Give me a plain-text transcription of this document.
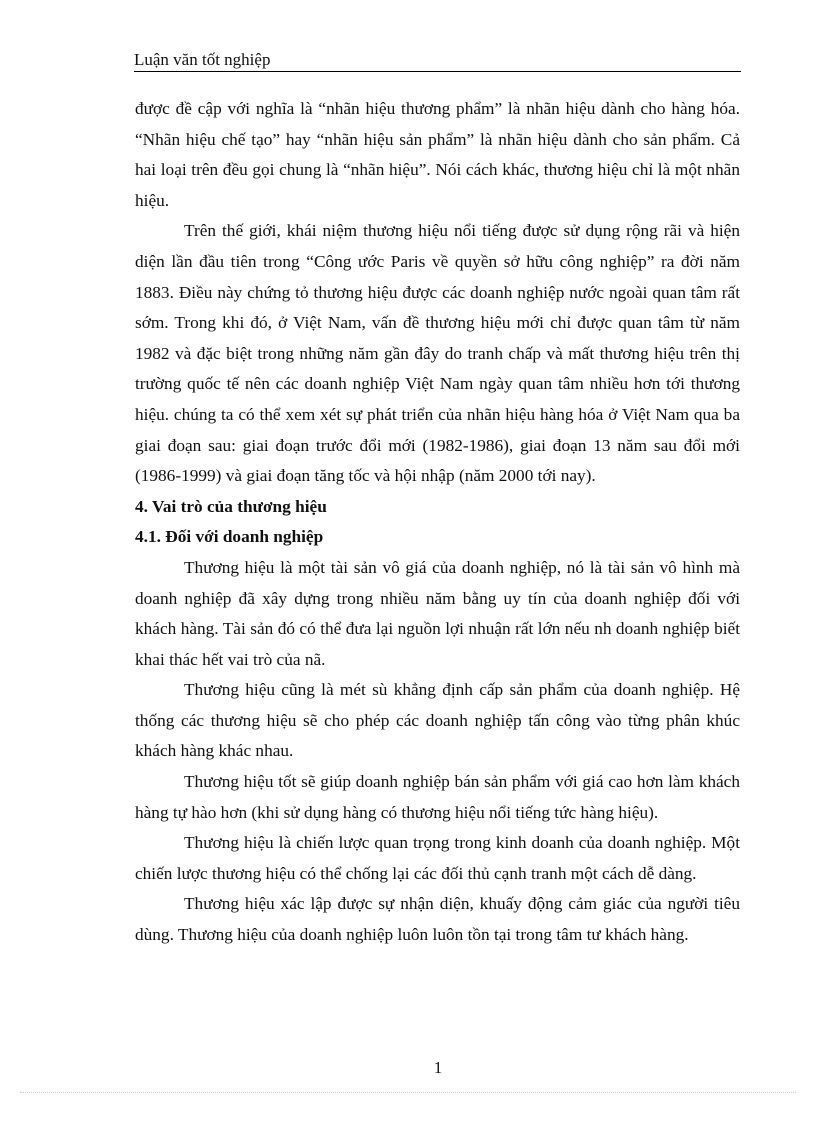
Luận văn tốt nghiệp

được đề cập với nghĩa là “nhãn hiệu thương phẩm” là nhãn hiệu dành cho hàng hóa. “Nhãn hiệu chế tạo” hay “nhãn hiệu sản phẩm” là nhãn hiệu dành cho sản phẩm. Cả hai loại trên đều gọi chung là “nhãn hiệu”. Nói cách khác, thương hiệu chỉ là một nhãn hiệu.

Trên thế giới, khái niệm thương hiệu nổi tiếng được sử dụng rộng rãi và hiện diện lần đầu tiên trong “Công ước Paris về quyền sở hữu công nghiệp” ra đời năm 1883. Điều này chứng tỏ thương hiệu được các doanh nghiệp nước ngoài quan tâm rất sớm. Trong khi đó, ở Việt Nam, vấn đề thương hiệu mới chỉ được quan tâm từ năm 1982 và đặc biệt trong những năm gần đây do tranh chấp và mất thương hiệu trên thị trường quốc tế nên các doanh nghiệp Việt Nam ngày quan tâm nhiều hơn tới thương hiệu. chúng ta có thể xem xét sự phát triển của nhãn hiệu hàng hóa ở Việt Nam qua ba giai đoạn sau: giai đoạn trước đổi mới (1982-1986), giai đoạn 13 năm sau đổi mới (1986-1999) và giai đoạn tăng tốc và hội nhập (năm 2000 tới nay).

4. Vai trò của thương hiệu
4.1. Đối với doanh nghiệp

Thương hiệu là một tài sản vô giá của doanh nghiệp, nó là tài sản vô hình mà doanh nghiệp đã xây dựng trong nhiều năm bằng uy tín của doanh nghiệp đối với khách hàng. Tài sản đó có thể đưa lại nguồn lợi nhuận rất lớn nếu nh doanh nghiệp biết khai thác hết vai trò của nã.

Thương hiệu cũng là mét sù khẳng định cấp sản phẩm của doanh nghiệp. Hệ thống các thương hiệu sẽ cho phép các doanh nghiệp tấn công vào từng phân khúc khách hàng khác nhau.

Thương hiệu tốt sẽ giúp doanh nghiệp bán sản phẩm với giá cao hơn làm khách hàng tự hào hơn (khi sử dụng hàng có thương hiệu nổi tiếng tức hàng hiệu).

Thương hiệu là chiến lược quan trọng trong kinh doanh của doanh nghiệp. Một chiến lược thương hiệu có thể chống lại các đối thủ cạnh tranh một cách dễ dàng.

Thương hiệu xác lập được sự nhận diện, khuấy động cảm giác của người tiêu dùng. Thương hiệu của doanh nghiệp luôn luôn tồn tại trong tâm tư khách hàng.

1
